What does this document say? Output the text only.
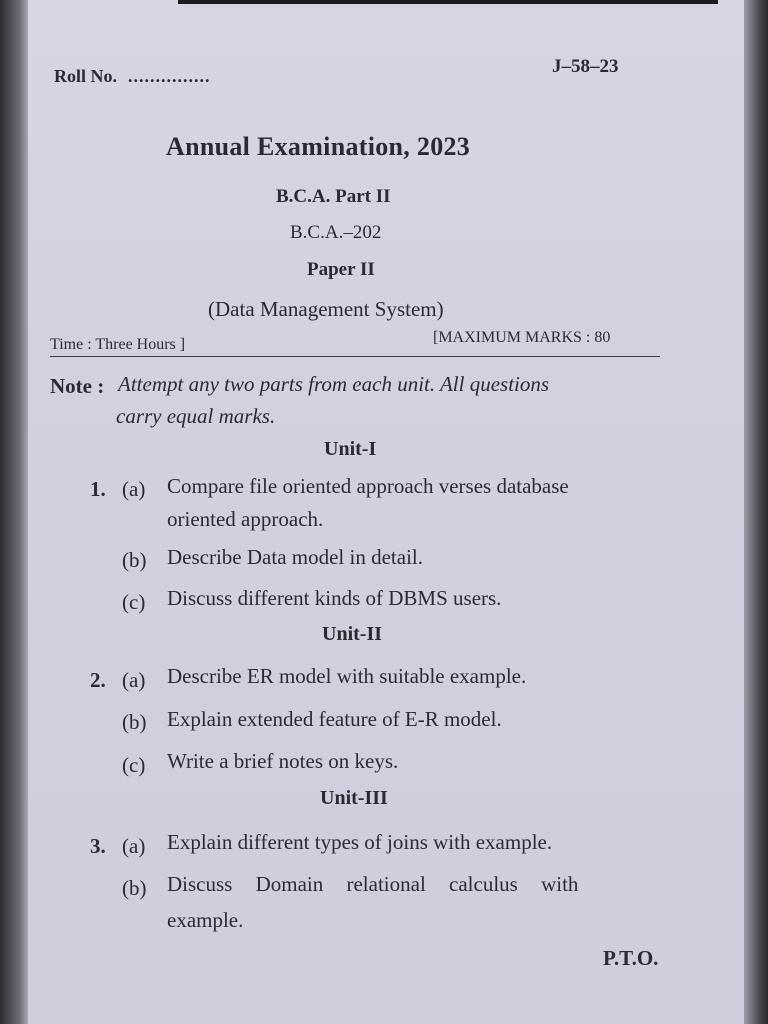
Roll No. ...............	J–58–23
Annual Examination, 2023
B.C.A. Part II
B.C.A.–202
Paper II
(Data Management System)
Time : Three Hours ]	[MAXIMUM MARKS : 80
Note : Attempt any two parts from each unit. All questions
carry equal marks.
Unit-I
1. (a) Compare file oriented approach verses database
oriented approach.
(b) Describe Data model in detail.
(c) Discuss different kinds of DBMS users.
Unit-II
2. (a) Describe ER model with suitable example.
(b) Explain extended feature of E-R model.
(c) Write a brief notes on keys.
Unit-III
3. (a) Explain different types of joins with example.
(b) Discuss Domain relational calculus with
example.
P.T.O.
